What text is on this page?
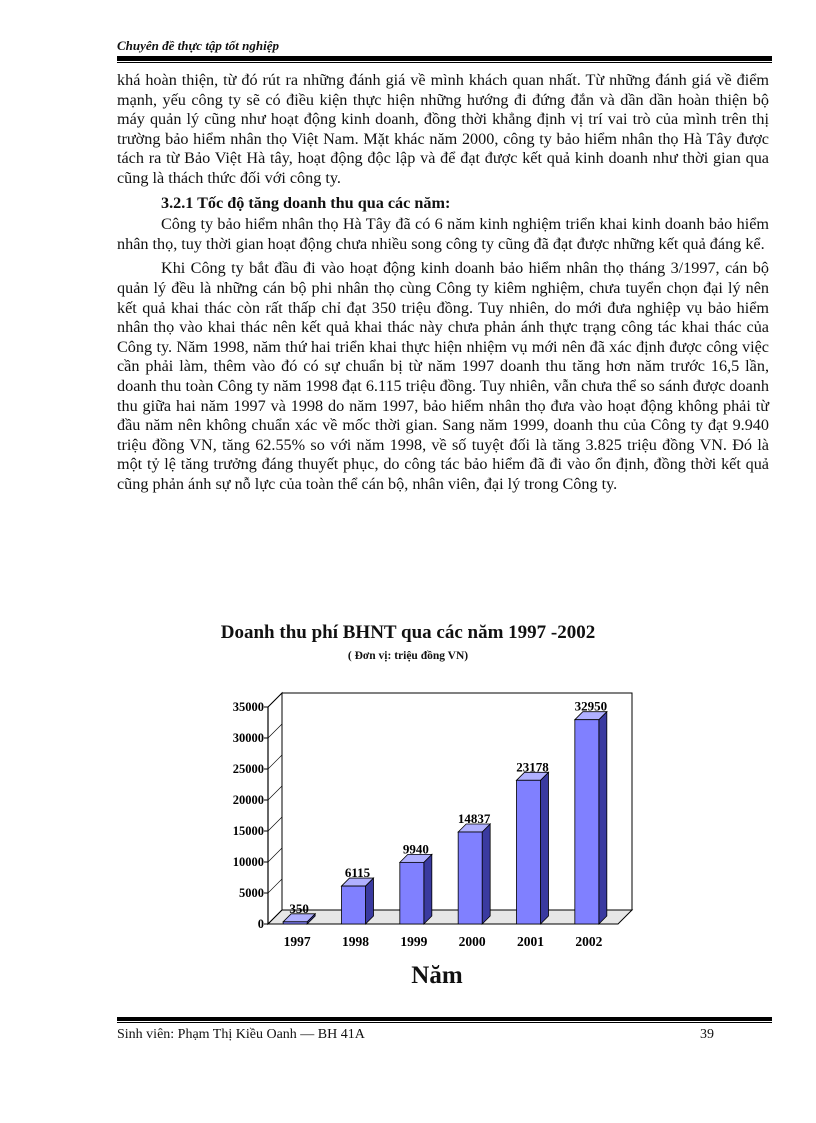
Chuyên đề thực tập tốt nghiệp

khá hoàn thiện, từ đó rút ra những đánh giá về mình khách quan nhất. Từ những đánh giá về điểm mạnh, yếu công ty sẽ có điều kiện thực hiện những hướng đi đứng đắn và dần dần hoàn thiện bộ máy quản lý cũng như hoạt động kinh doanh, đồng thời khẳng định vị trí vai trò của mình trên thị trường bảo hiểm nhân thọ Việt Nam. Mặt khác năm 2000, công ty bảo hiểm nhân thọ Hà Tây được tách ra từ Bảo Việt Hà tây, hoạt động độc lập và để đạt được kết quả kinh doanh như thời gian qua cũng là thách thức đối với công ty.

3.2.1 Tốc độ tăng doanh thu qua các năm:

Công ty bảo hiểm nhân thọ Hà Tây đã có 6 năm kinh nghiệm triển khai kinh doanh bảo hiểm nhân thọ, tuy thời gian hoạt động chưa nhiều song công ty cũng đã đạt được những kết quả đáng kể.

Khi Công ty bắt đầu đi vào hoạt động kinh doanh bảo hiểm nhân thọ tháng 3/1997, cán bộ quản lý đều là những cán bộ phi nhân thọ cùng Công ty kiêm nghiệm, chưa tuyển chọn đại lý nên kết quả khai thác còn rất thấp chỉ đạt 350 triệu đồng. Tuy nhiên, do mới đưa nghiệp vụ bảo hiểm nhân thọ vào khai thác nên kết quả khai thác này chưa phản ánh thực trạng công tác khai thác của Công ty. Năm 1998, năm thứ hai triển khai thực hiện nhiệm vụ mới nên đã xác định được công việc cần phải làm, thêm vào đó có sự chuẩn bị từ năm 1997 doanh thu tăng hơn năm trước 16,5 lần, doanh thu toàn Công ty năm 1998 đạt 6.115 triệu đồng. Tuy nhiên, vẫn chưa thể so sánh được doanh thu giữa hai năm 1997 và 1998 do năm 1997, bảo hiểm nhân thọ đưa vào hoạt động không phải từ đầu năm nên không chuẩn xác về mốc thời gian. Sang năm 1999, doanh thu của Công ty đạt 9.940 triệu đồng VN, tăng 62.55% so với năm 1998, về số tuyệt đối là tăng 3.825 triệu đồng VN. Đó là một tỷ lệ tăng trưởng đáng thuyết phục, do công tác bảo hiểm đã đi vào ổn định, đồng thời kết quả cũng phản ánh sự nỗ lực của toàn thể cán bộ, nhân viên, đại lý trong Công ty.

Doanh thu phí BHNT qua các năm 1997 -2002
( Đơn vị: triệu đồng VN)
0
5000
10000
15000
20000
25000
30000
35000
350
1997
6115
1998
9940
1999
14837
2000
23178
2001
32950
2002
Năm
Sinh viên: Phạm Thị Kiều Oanh — BH 41A	39
